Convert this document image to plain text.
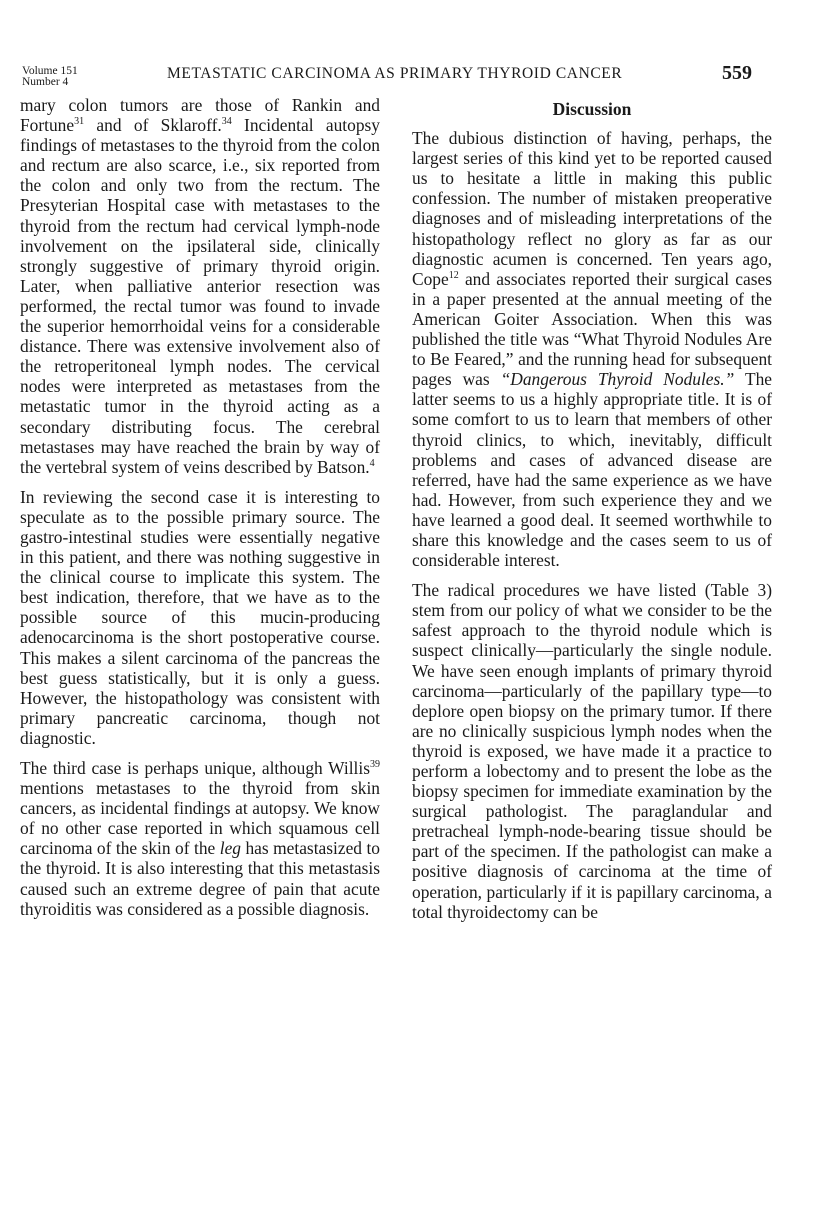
Volume 151
Number 4	METASTATIC CARCINOMA AS PRIMARY THYROID CANCER	559

mary colon tumors are those of Rankin and Fortune$^{31}$ and of Sklaroff.$^{34}$ Incidental autopsy findings of metastases to the thyroid from the colon and rectum are also scarce, i.e., six reported from the colon and only two from the rectum. The Presyterian Hospital case with metastases to the thyroid from the rectum had cervical lymph-node involvement on the ipsilateral side, clinically strongly suggestive of primary thyroid origin. Later, when palliative anterior resection was performed, the rectal tumor was found to invade the superior hemorrhoidal veins for a considerable distance. There was extensive involvement also of the retroperitoneal lymph nodes. The cervical nodes were interpreted as metastases from the metastatic tumor in the thyroid acting as a secondary distributing focus. The cerebral metastases may have reached the brain by way of the vertebral system of veins described by Batson.$^4$

In reviewing the second case it is interesting to speculate as to the possible primary source. The gastro-intestinal studies were essentially negative in this patient, and there was nothing suggestive in the clinical course to implicate this system. The best indication, therefore, that we have as to the possible source of this mucin-producing adenocarcinoma is the short postoperative course. This makes a silent carcinoma of the pancreas the best guess statistically, but it is only a guess. However, the histopathology was consistent with primary pancreatic carcinoma, though not diagnostic.

The third case is perhaps unique, although Willis$^{39}$ mentions metastases to the thyroid from skin cancers, as incidental findings at autopsy. We know of no other case reported in which squamous cell carcinoma of the skin of the leg has metastasized to the thyroid. It is also interesting that this metastasis caused such an extreme degree of pain that acute thyroiditis was considered as a possible diagnosis.

Discussion

The dubious distinction of having, perhaps, the largest series of this kind yet to be reported caused us to hesitate a little in making this public confession. The number of mistaken preoperative diagnoses and of misleading interpretations of the histopathology reflect no glory as far as our diagnostic acumen is concerned. Ten years ago, Cope$^{12}$ and associates reported their surgical cases in a paper presented at the annual meeting of the American Goiter Association. When this was published the title was “What Thyroid Nodules Are to Be Feared,” and the running head for subsequent pages was “Dangerous Thyroid Nodules.” The latter seems to us a highly appropriate title. It is of some comfort to us to learn that members of other thyroid clinics, to which, inevitably, difficult problems and cases of advanced disease are referred, have had the same experience as we have had. However, from such experience they and we have learned a good deal. It seemed worthwhile to share this knowledge and the cases seem to us of considerable interest.

The radical procedures we have listed (Table 3) stem from our policy of what we consider to be the safest approach to the thyroid nodule which is suspect clinically—particularly the single nodule. We have seen enough implants of primary thyroid carcinoma—particularly of the papillary type—to deplore open biopsy on the primary tumor. If there are no clinically suspicious lymph nodes when the thyroid is exposed, we have made it a practice to perform a lobectomy and to present the lobe as the biopsy specimen for immediate examination by the surgical pathologist. The paraglandular and pretracheal lymph-node-bearing tissue should be part of the specimen. If the pathologist can make a positive diagnosis of carcinoma at the time of operation, particularly if it is papillary carcinoma, a total thyroidectomy can be
